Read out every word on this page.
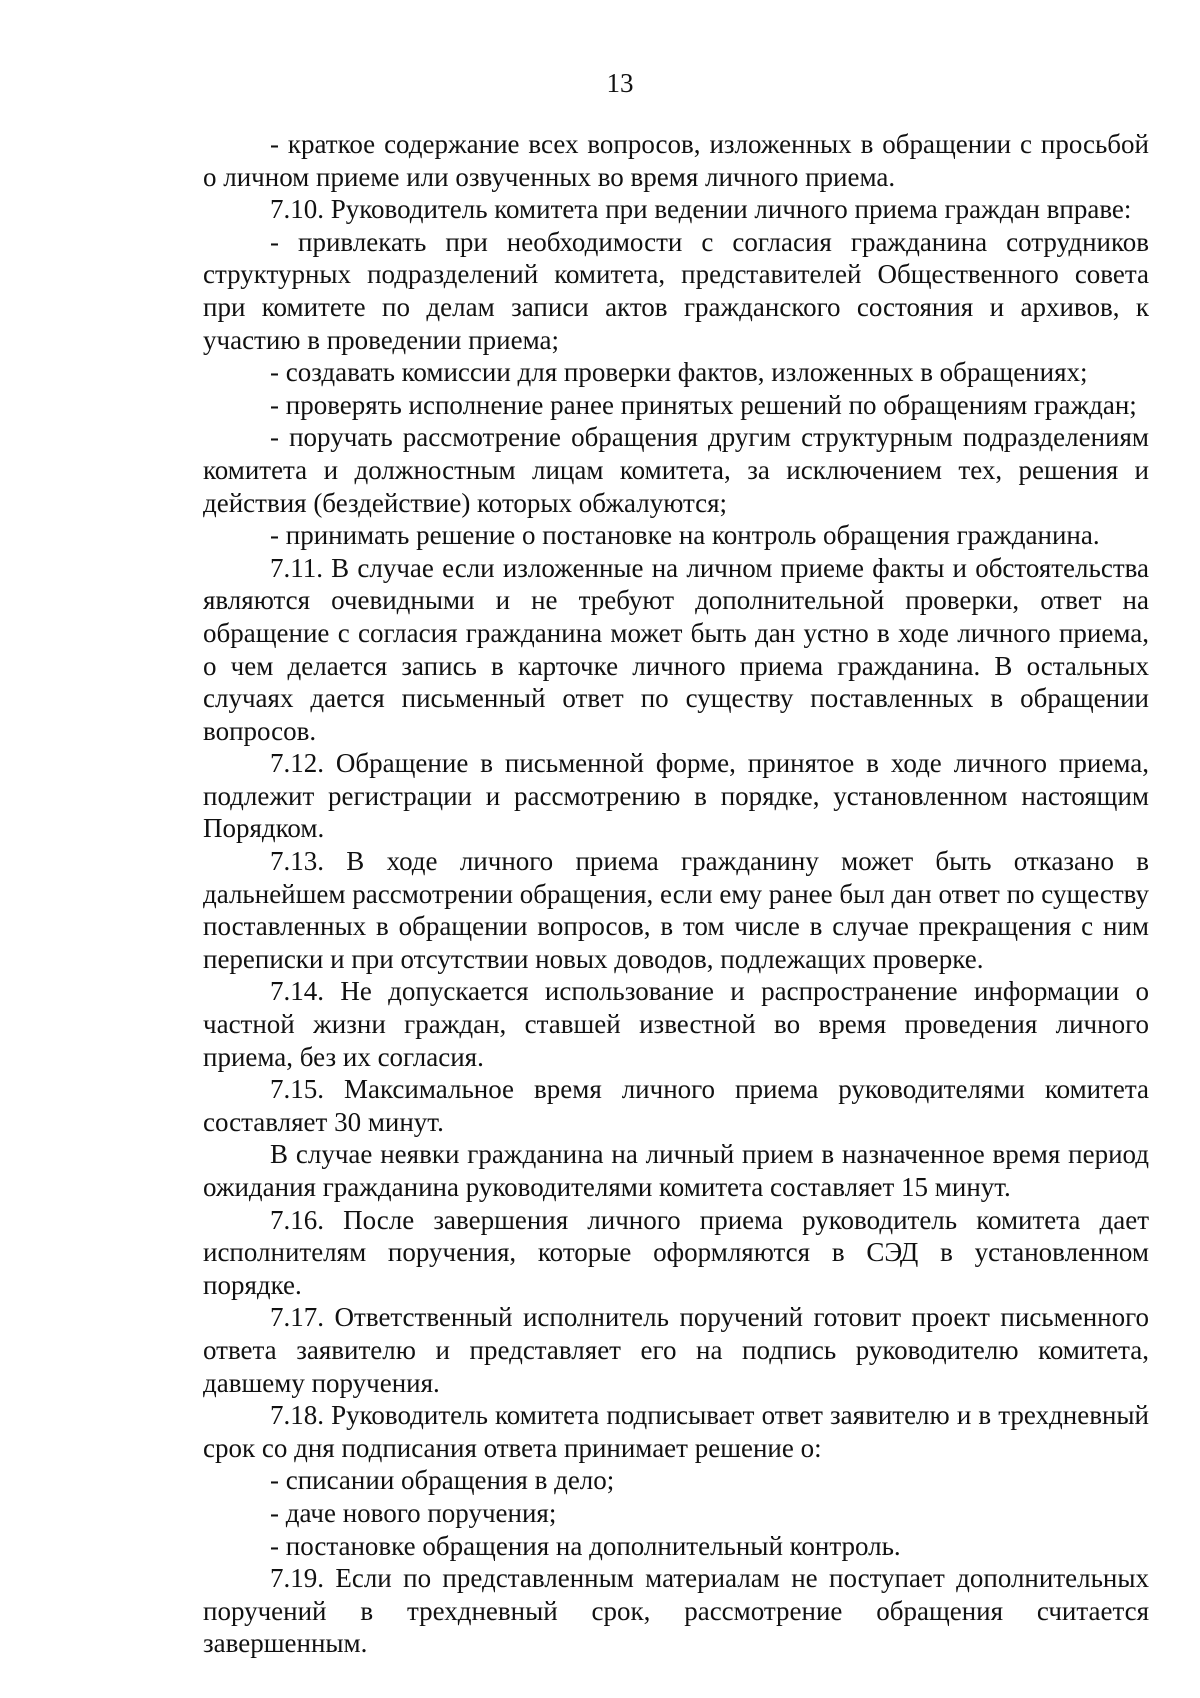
13

- краткое содержание всех вопросов, изложенных в обращении с просьбой о личном приеме или озвученных во время личного приема.

7.10. Руководитель комитета при ведении личного приема граждан вправе:

- привлекать при необходимости с согласия гражданина сотрудников структурных подразделений комитета, представителей Общественного совета при комитете по делам записи актов гражданского состояния и архивов, к участию в проведении приема;

- создавать комиссии для проверки фактов, изложенных в обращениях;

- проверять исполнение ранее принятых решений по обращениям граждан;

- поручать рассмотрение обращения другим структурным подразделениям комитета и должностным лицам комитета, за исключением тех, решения и действия (бездействие) которых обжалуются;

- принимать решение о постановке на контроль обращения гражданина.

7.11. В случае если изложенные на личном приеме факты и обстоятельства являются очевидными и не требуют дополнительной проверки, ответ на обращение с согласия гражданина может быть дан устно в ходе личного приема, о чем делается запись в карточке личного приема гражданина. В остальных случаях дается письменный ответ по существу поставленных в обращении вопросов.

7.12. Обращение в письменной форме, принятое в ходе личного приема, подлежит регистрации и рассмотрению в порядке, установленном настоящим Порядком.

7.13. В ходе личного приема гражданину может быть отказано в дальнейшем рассмотрении обращения, если ему ранее был дан ответ по существу поставленных в обращении вопросов, в том числе в случае прекращения с ним переписки и при отсутствии новых доводов, подлежащих проверке.

7.14. Не допускается использование и распространение информации о частной жизни граждан, ставшей известной во время проведения личного приема, без их согласия.

7.15. Максимальное время личного приема руководителями комитета составляет 30 минут.

В случае неявки гражданина на личный прием в назначенное время период ожидания гражданина руководителями комитета составляет 15 минут.

7.16. После завершения личного приема руководитель комитета дает исполнителям поручения, которые оформляются в СЭД в установленном порядке.

7.17. Ответственный исполнитель поручений готовит проект письменного ответа заявителю и представляет его на подпись руководителю комитета, давшему поручения.

7.18. Руководитель комитета подписывает ответ заявителю и в трехдневный срок со дня подписания ответа принимает решение о:

- списании обращения в дело;

- даче нового поручения;

- постановке обращения на дополнительный контроль.

7.19. Если по представленным материалам не поступает дополнительных поручений в трехдневный срок, рассмотрение обращения считается завершенным.
